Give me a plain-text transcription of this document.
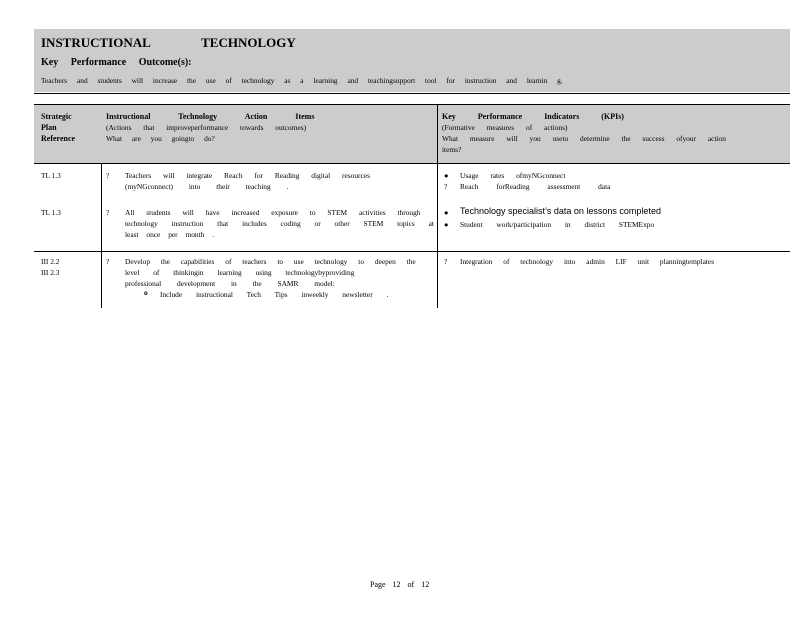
INSTRUCTIONAL TECHNOLOGY
Key Performance Outcome(s):
Teachers and students will increase the use of technology as a learning and teachingsupport tool for instruction and learnin g.
Strategic
Plan
Reference
Instructional Technology Action Items
(Actions that improveperformance towards outcomes)
What are you goingto do?
Key Performance Indicators (KPIs)
(Formative measures of actions)
What measure will you useto determine the success ofyour action
items?
TL 1.3	? Teachers will integrate Reach for Reading digital resources
(myNGconnect) into their teaching .
● Usage rates ofmyNGconnect
? Reach forReading assessment data
TL 1.3	? All students will have increased exposure to STEM activities through
technology instruction that includes coding or other STEM topics at
least once per month .
● Technology specialist’s data on lessons completed
● Student work/participation in district STEMExpo
III 2.2
III 2.3
? Develop the capabilities of teachers to use technology to deepen the
level of thinkingin learning using technologybyproviding
professional development in the SAMR model:
o Include instructional Tech Tips inweekly newsletter .
? Integration of technology into admin LIF unit planningtemplates
Page 12 of 12
